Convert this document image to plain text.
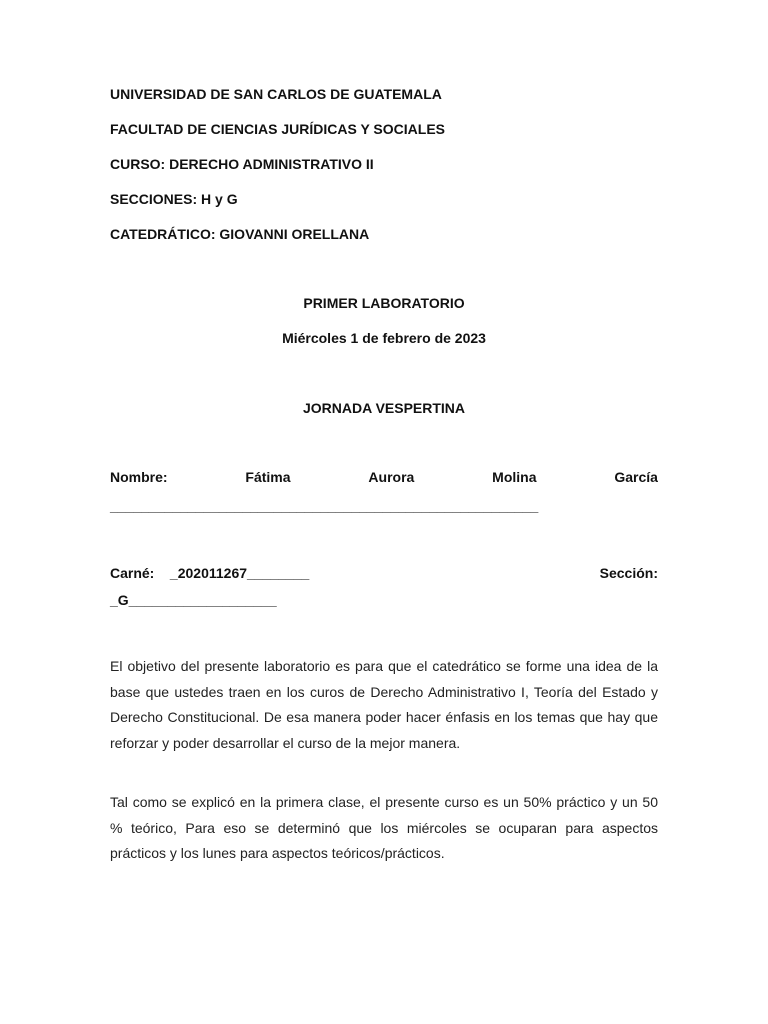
UNIVERSIDAD DE SAN CARLOS DE GUATEMALA
FACULTAD DE CIENCIAS JURÍDICAS Y SOCIALES
CURSO: DERECHO ADMINISTRATIVO II
SECCIONES: H y G
CATEDRÁTICO: GIOVANNI ORELLANA
PRIMER LABORATORIO
Miércoles 1 de febrero de 2023
JORNADA VESPERTINA
Nombre:	Fátima	Aurora	Molina	García
_______________________________________________________
Carné: _202011267________	Sección:
_G___________________
El objetivo del presente laboratorio es para que el catedrático se forme una idea de la base que ustedes traen en los curos de Derecho Administrativo I, Teoría del Estado y Derecho Constitucional. De esa manera poder hacer énfasis en los temas que hay que reforzar y poder desarrollar el curso de la mejor manera.
Tal como se explicó en la primera clase, el presente curso es un 50% práctico y un 50 % teórico, Para eso se determinó que los miércoles se ocuparan para aspectos prácticos y los lunes para aspectos teóricos/prácticos.
